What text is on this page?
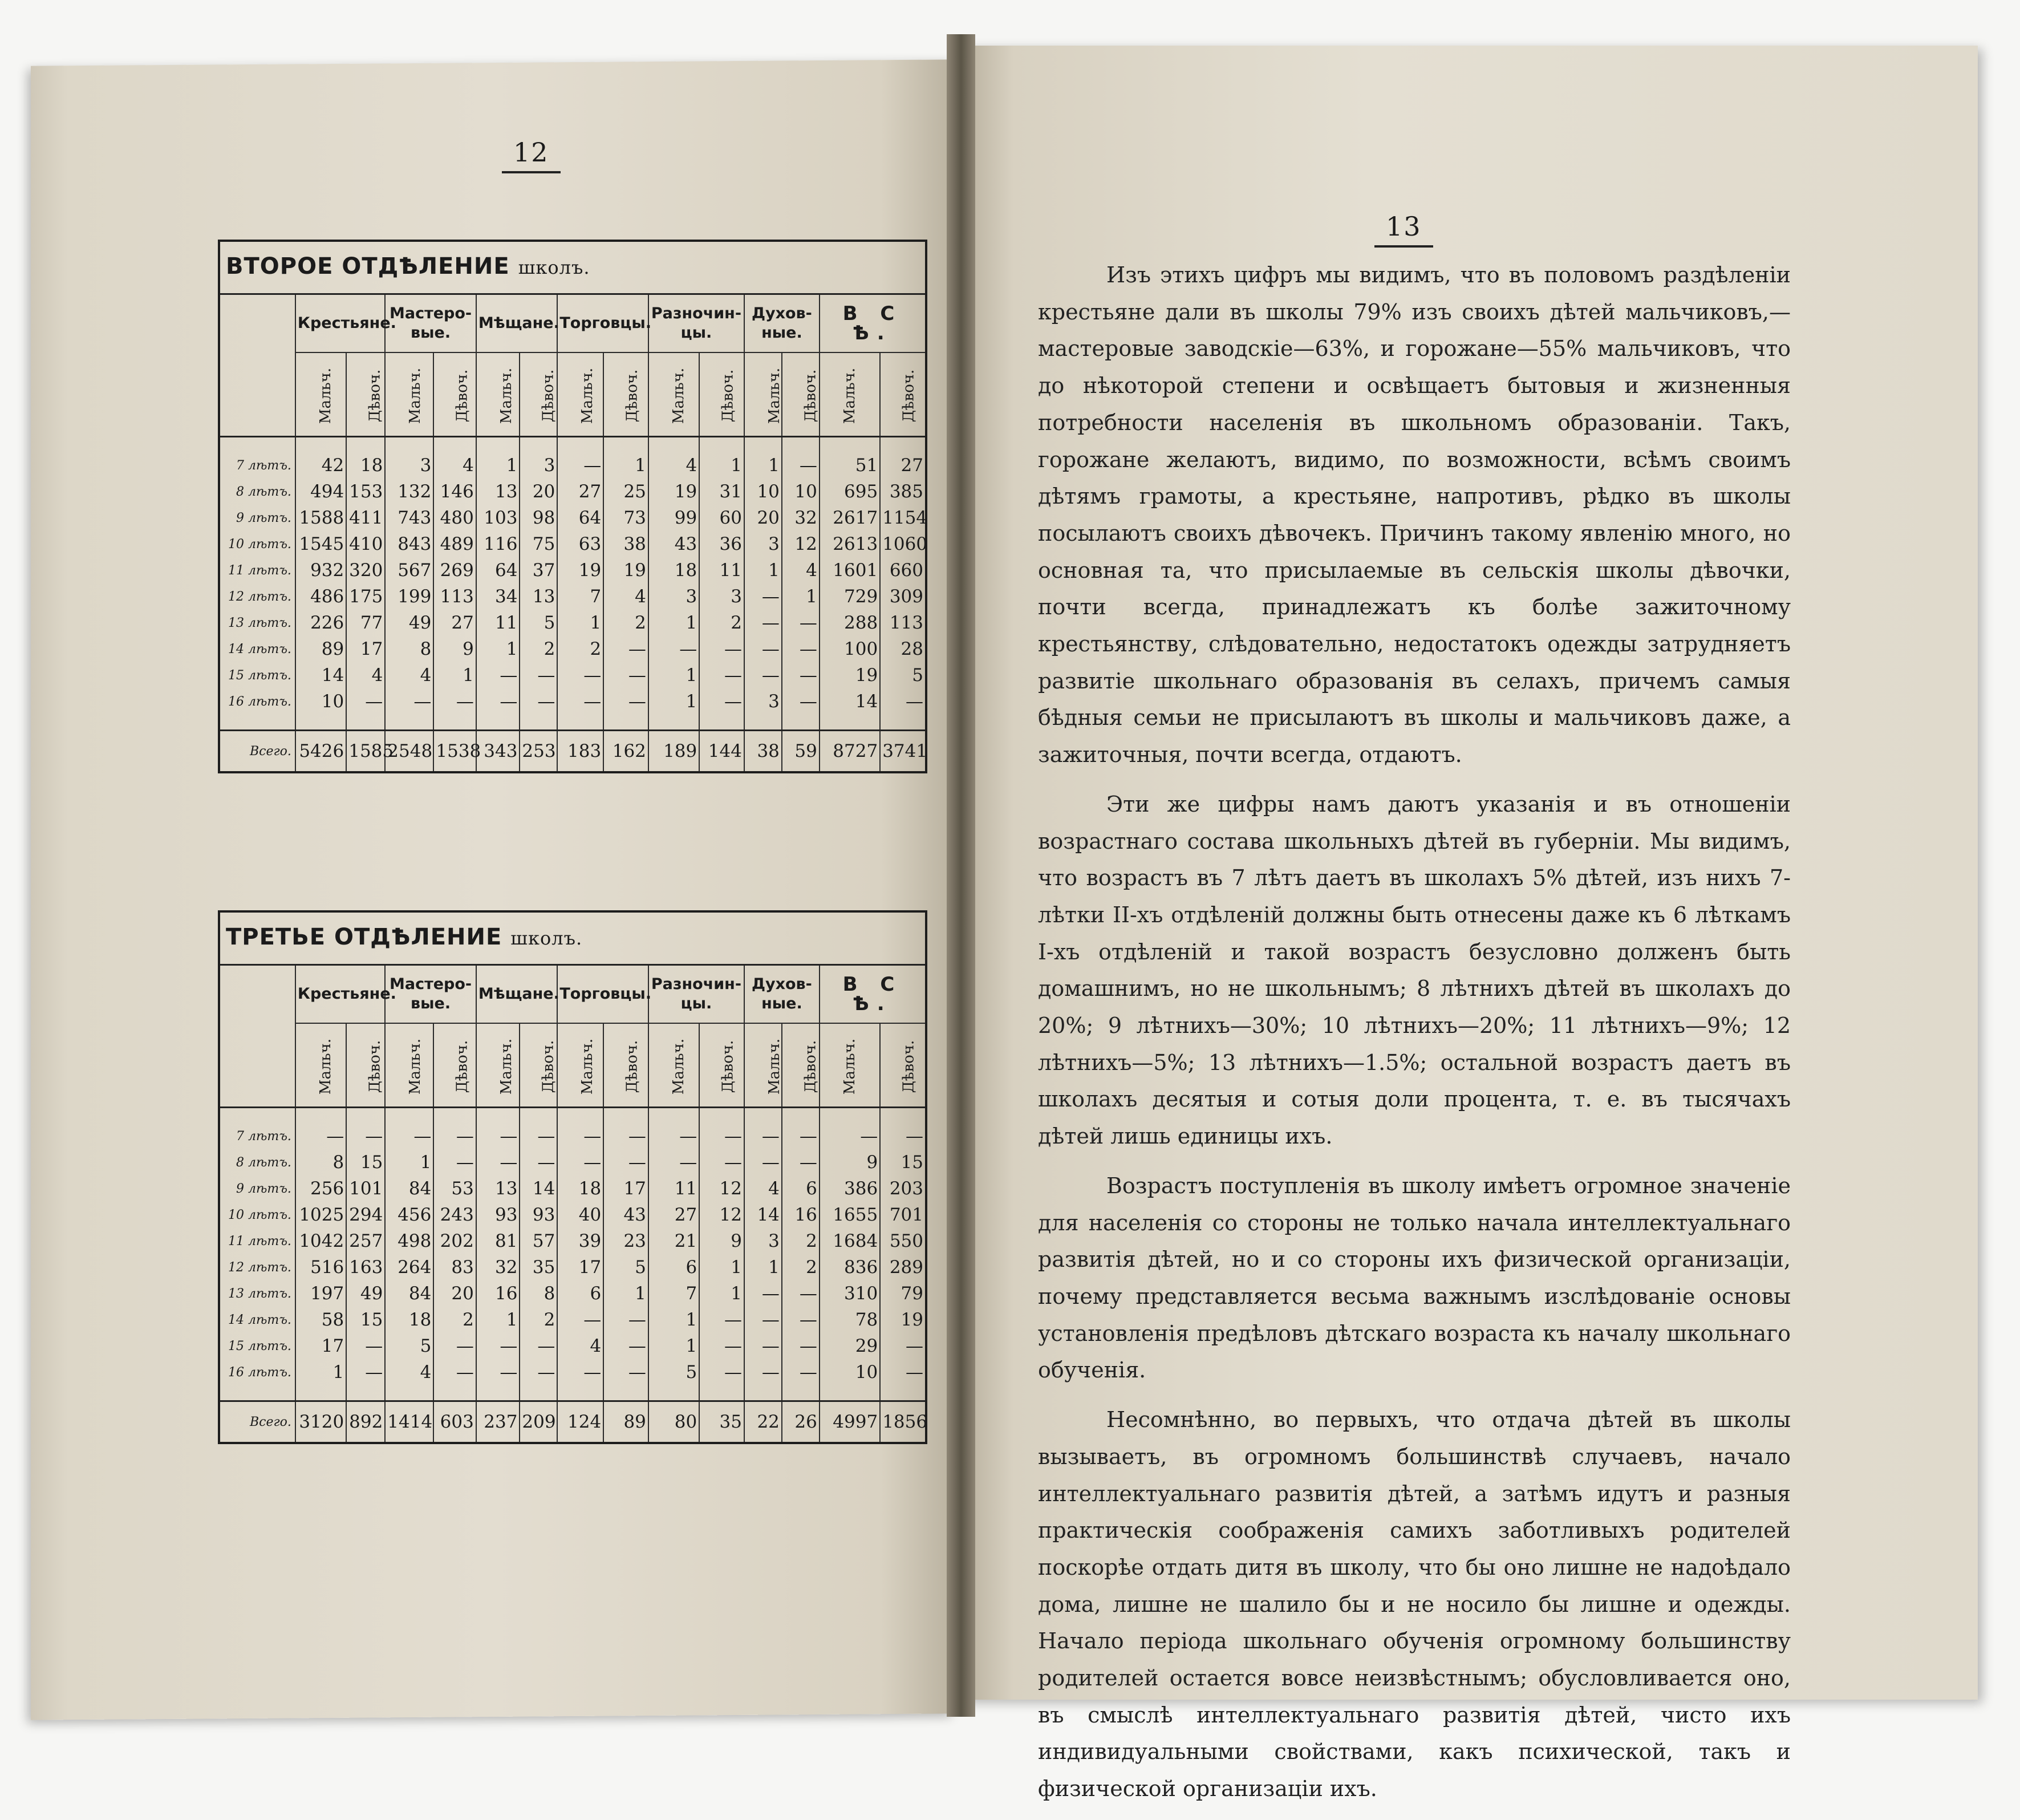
12
13
ВТОРОЕ ОТДѢЛЕНИЕ школъ.
	Крестьяне.		Мастеро- вые.		Мѣщане.		Торговцы.		Разночин- цы.		Духов- ные.		В С Ѣ.	
	Мальч.	Дѣвоч.	Мальч.	Дѣвоч.	Мальч.	Дѣвоч.	Мальч.	Дѣвоч.	Мальч.	Дѣвоч.	Мальч.	Дѣвоч.	Мальч.	Дѣвоч.

7 лѣтъ.	42	18	3	4	1	3	—	1	4	1	1	—	51	27
8 лѣтъ.	494	153	132	146	13	20	27	25	19	31	10	10	695	385
9 лѣтъ.	1588	411	743	480	103	98	64	73	99	60	20	32	2617	1154
10 лѣтъ.	1545	410	843	489	116	75	63	38	43	36	3	12	2613	1060
11 лѣтъ.	932	320	567	269	64	37	19	19	18	11	1	4	1601	660
12 лѣтъ.	486	175	199	113	34	13	7	4	3	3	—	1	729	309
13 лѣтъ.	226	77	49	27	11	5	1	2	1	2	—	—	288	113
14 лѣтъ.	89	17	8	9	1	2	2	—	—	—	—	—	100	28
15 лѣтъ.	14	4	4	1	—	—	—	—	1	—	—	—	19	5
16 лѣтъ.	10	—	—	—	—	—	—	—	1	—	3	—	14	—

Всего.	5426	1585	2548	1538	343	253	183	162	189	144	38	59	8727	3741
ТРЕТЬЕ ОТДѢЛЕНИЕ школъ.
	Крестьяне.		Мастеро- вые.		Мѣщане.		Торговцы.		Разночин- цы.		Духов- ные.		В С Ѣ.	
	Мальч.	Дѣвоч.	Мальч.	Дѣвоч.	Мальч.	Дѣвоч.	Мальч.	Дѣвоч.	Мальч.	Дѣвоч.	Мальч.	Дѣвоч.	Мальч.	Дѣвоч.

7 лѣтъ.	—	—	—	—	—	—	—	—	—	—	—	—	—	—
8 лѣтъ.	8	15	1	—	—	—	—	—	—	—	—	—	9	15
9 лѣтъ.	256	101	84	53	13	14	18	17	11	12	4	6	386	203
10 лѣтъ.	1025	294	456	243	93	93	40	43	27	12	14	16	1655	701
11 лѣтъ.	1042	257	498	202	81	57	39	23	21	9	3	2	1684	550
12 лѣтъ.	516	163	264	83	32	35	17	5	6	1	1	2	836	289
13 лѣтъ.	197	49	84	20	16	8	6	1	7	1	—	—	310	79
14 лѣтъ.	58	15	18	2	1	2	—	—	1	—	—	—	78	19
15 лѣтъ.	17	—	5	—	—	—	4	—	1	—	—	—	29	—
16 лѣтъ.	1	—	4	—	—	—	—	—	5	—	—	—	10	—

Всего.	3120	892	1414	603	237	209	124	89	80	35	22	26	4997	1856

Изъ этихъ цифръ мы видимъ, что въ половомъ раздѣленіи крестьяне дали въ школы 79% изъ своихъ дѣтей мальчиковъ,—мастеровые заводскіе—63%, и горожане—55% мальчиковъ, что до нѣкоторой степени и освѣщаетъ бытовыя и жизненныя потребности населенія въ школьномъ образованіи. Такъ, горожане желаютъ, видимо, по возможности, всѣмъ своимъ дѣтямъ грамоты, а крестьяне, напротивъ, рѣдко въ школы посылаютъ своихъ дѣвочекъ. Причинъ такому явленію много, но основная та, что присылаемые въ сельскія школы дѣвочки, почти всегда, принадлежатъ къ болѣе зажиточному крестьянству, слѣдовательно, недостатокъ одежды затрудняетъ развитіе школьнаго образованія въ селахъ, причемъ самыя бѣдныя семьи не присылаютъ въ школы и мальчиковъ даже, а зажиточныя, почти всегда, отдаютъ.

Эти же цифры намъ даютъ указанія и въ отношеніи возрастнаго состава школьныхъ дѣтей въ губерніи. Мы видимъ, что возрастъ въ 7 лѣтъ даетъ въ школахъ 5% дѣтей, изъ нихъ 7-лѣтки II-хъ отдѣленій должны быть отнесены даже къ 6 лѣткамъ I-хъ отдѣленій и такой возрастъ безусловно долженъ быть домашнимъ, но не школьнымъ; 8 лѣтнихъ дѣтей въ школахъ до 20%; 9 лѣтнихъ—30%; 10 лѣтнихъ—20%; 11 лѣтнихъ—9%; 12 лѣтнихъ—5%; 13 лѣтнихъ—1.5%; остальной возрастъ даетъ въ школахъ десятыя и сотыя доли процента, т. е. въ тысячахъ дѣтей лишь единицы ихъ.

Возрастъ поступленія въ школу имѣетъ огромное значеніе для населенія со стороны не только начала интеллектуальнаго развитія дѣтей, но и со стороны ихъ физической организаціи, почему представляется весьма важнымъ изслѣдованіе основы установленія предѣловъ дѣтскаго возраста къ началу школьнаго обученія.

Несомнѣнно, во первыхъ, что отдача дѣтей въ школы вызываетъ, въ огромномъ большинствѣ случаевъ, начало интеллектуальнаго развитія дѣтей, а затѣмъ идутъ и разныя практическія соображенія самихъ заботливыхъ родителей поскорѣе отдать дитя въ школу, что бы оно лишне не надоѣдало дома, лишне не шалило бы и не носило бы лишне и одежды. Начало періода школьнаго обученія огромному большинству родителей остается вовсе неизвѣстнымъ; обусловливается оно, въ смыслѣ интеллектуальнаго развитія дѣтей, чисто ихъ индивидуальными свойствами, какъ психической, такъ и физической организаціи ихъ.
